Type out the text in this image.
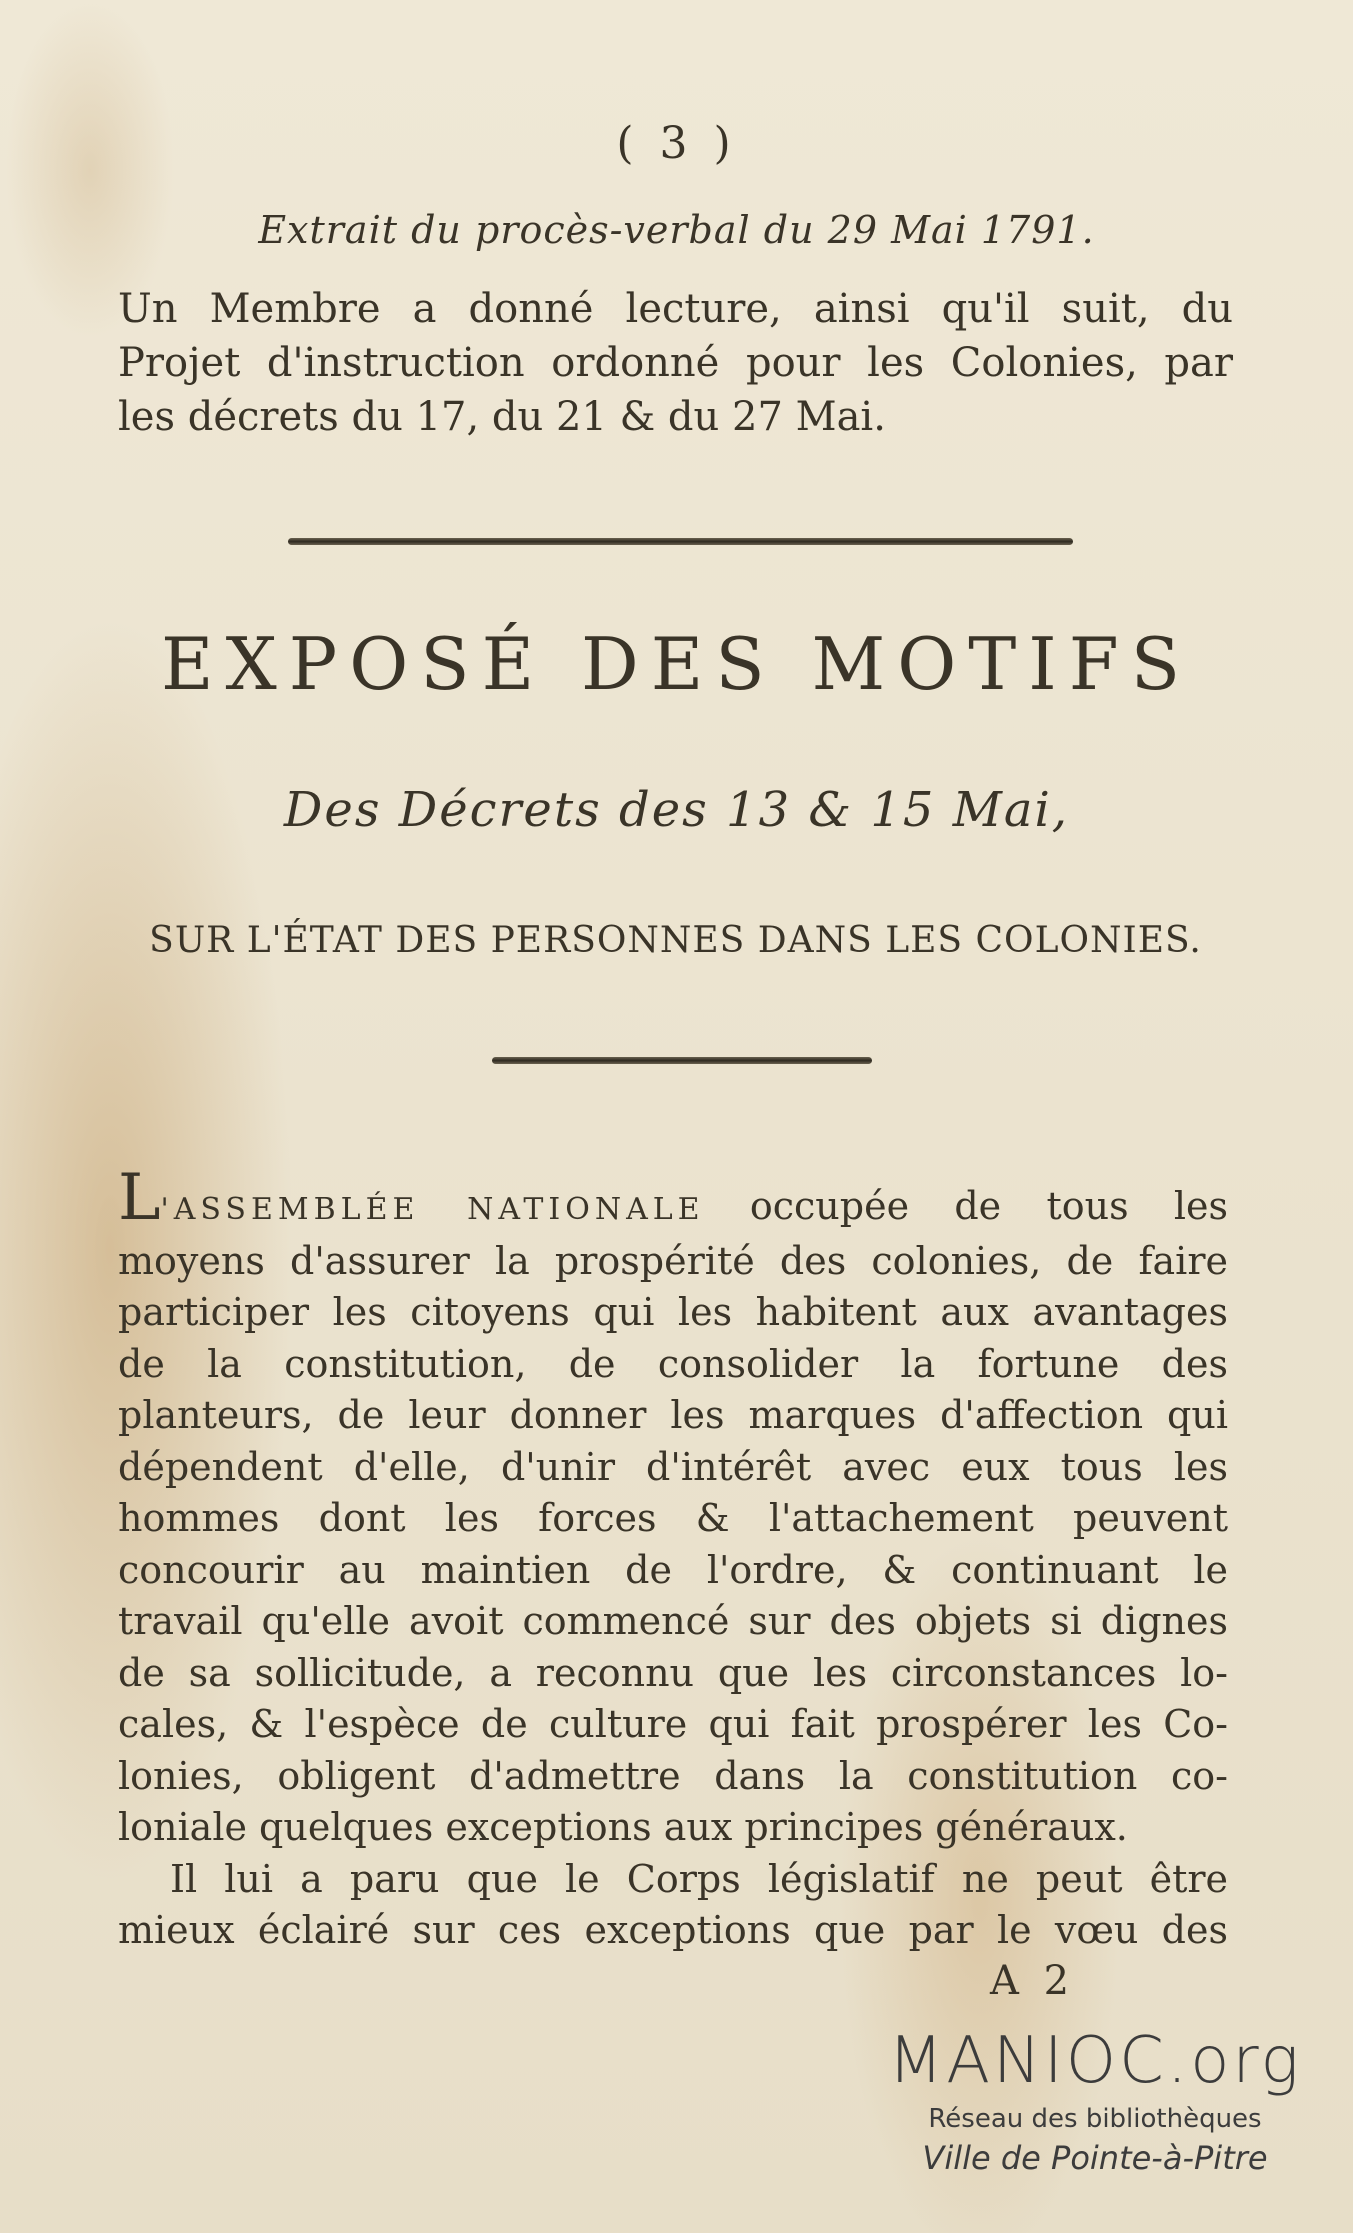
( 3 )
Extrait du procès-verbal du 29 Mai 1791.
Un Membre a donné lecture, ainsi qu'il suit, du
Projet d'instruction ordonné pour les Colonies, par
les décrets du 17, du 21 & du 27 Mai.
EXPOSÉ DES MOTIFS
Des Décrets des 13 & 15 Mai,
SUR L'ÉTAT DES PERSONNES DANS LES COLONIES.
L'ASSEMBLÉE NATIONALE occupée de tous les
moyens d'assurer la prospérité des colonies, de faire
participer les citoyens qui les habitent aux avantages
de la constitution, de consolider la fortune des
planteurs, de leur donner les marques d'affection qui
dépendent d'elle, d'unir d'intérêt avec eux tous les
hommes dont les forces & l'attachement peuvent
concourir au maintien de l'ordre, & continuant le
travail qu'elle avoit commencé sur des objets si dignes
de sa sollicitude, a reconnu que les circonstances lo-
cales, & l'espèce de culture qui fait prospérer les Co-
lonies, obligent d'admettre dans la constitution co-
loniale quelques exceptions aux principes généraux.
Il lui a paru que le Corps législatif ne peut être
mieux éclairé sur ces exceptions que par le vœu des
A 2
MANIOC.org
Réseau des bibliothèques
Ville de Pointe-à-Pitre
